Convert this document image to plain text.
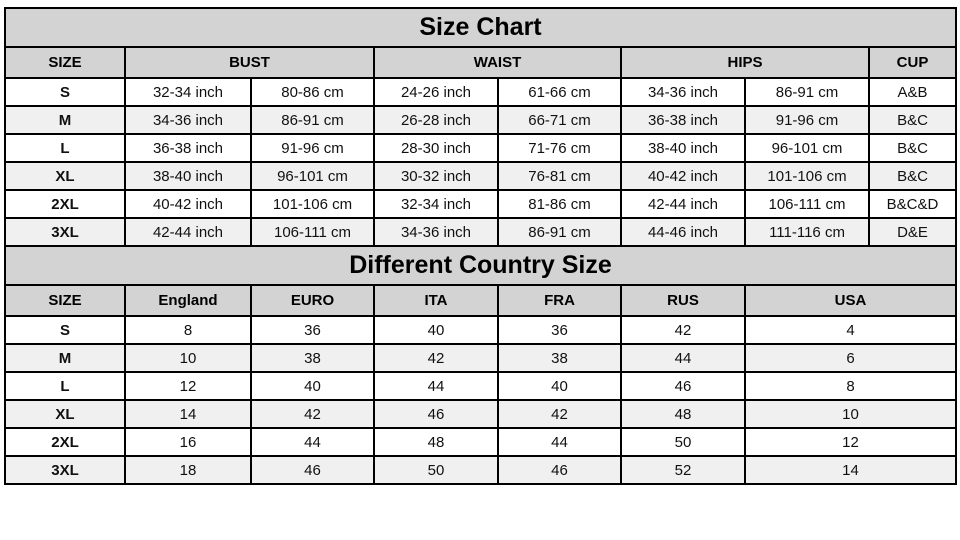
Size Chart							
SIZE	BUST		WAIST		HIPS		CUP
S	32-34 inch	80-86 cm	24-26 inch	61-66 cm	34-36 inch	86-91 cm	A&B
M	34-36 inch	86-91 cm	26-28 inch	66-71 cm	36-38 inch	91-96 cm	B&C
L	36-38 inch	91-96 cm	28-30 inch	71-76 cm	38-40 inch	96-101 cm	B&C
XL	38-40 inch	96-101 cm	30-32 inch	76-81 cm	40-42 inch	101-106 cm	B&C
2XL	40-42 inch	101-106 cm	32-34 inch	81-86 cm	42-44 inch	106-111 cm	B&C&D
3XL	42-44 inch	106-111 cm	34-36 inch	86-91 cm	44-46 inch	111-116 cm	D&E
Different Country Size							
SIZE	England	EURO	ITA	FRA	RUS	USA	
S	8	36	40	36	42	4	
M	10	38	42	38	44	6	
L	12	40	44	40	46	8	
XL	14	42	46	42	48	10	
2XL	16	44	48	44	50	12	
3XL	18	46	50	46	52	14	
